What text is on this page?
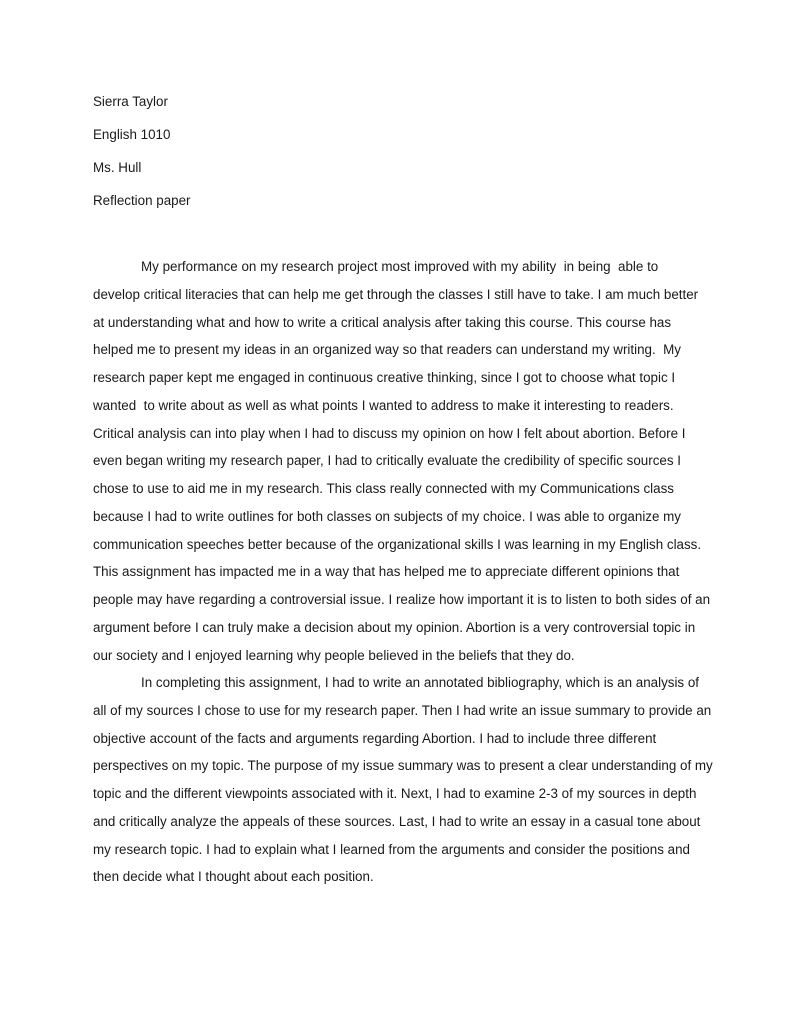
Sierra Taylor

English 1010

Ms. Hull

Reflection paper

My performance on my research project most improved with my ability  in being  able to

develop critical literacies that can help me get through the classes I still have to take. I am much better

at understanding what and how to write a critical analysis after taking this course. This course has

helped me to present my ideas in an organized way so that readers can understand my writing.  My

research paper kept me engaged in continuous creative thinking, since I got to choose what topic I

wanted  to write about as well as what points I wanted to address to make it interesting to readers.

Critical analysis can into play when I had to discuss my opinion on how I felt about abortion. Before I

even began writing my research paper, I had to critically evaluate the credibility of specific sources I

chose to use to aid me in my research. This class really connected with my Communications class

because I had to write outlines for both classes on subjects of my choice. I was able to organize my

communication speeches better because of the organizational skills I was learning in my English class.

This assignment has impacted me in a way that has helped me to appreciate different opinions that

people may have regarding a controversial issue. I realize how important it is to listen to both sides of an

argument before I can truly make a decision about my opinion. Abortion is a very controversial topic in

our society and I enjoyed learning why people believed in the beliefs that they do.

In completing this assignment, I had to write an annotated bibliography, which is an analysis of

all of my sources I chose to use for my research paper. Then I had write an issue summary to provide an

objective account of the facts and arguments regarding Abortion. I had to include three different

perspectives on my topic. The purpose of my issue summary was to present a clear understanding of my

topic and the different viewpoints associated with it. Next, I had to examine 2-3 of my sources in depth

and critically analyze the appeals of these sources. Last, I had to write an essay in a casual tone about

my research topic. I had to explain what I learned from the arguments and consider the positions and

then decide what I thought about each position.
